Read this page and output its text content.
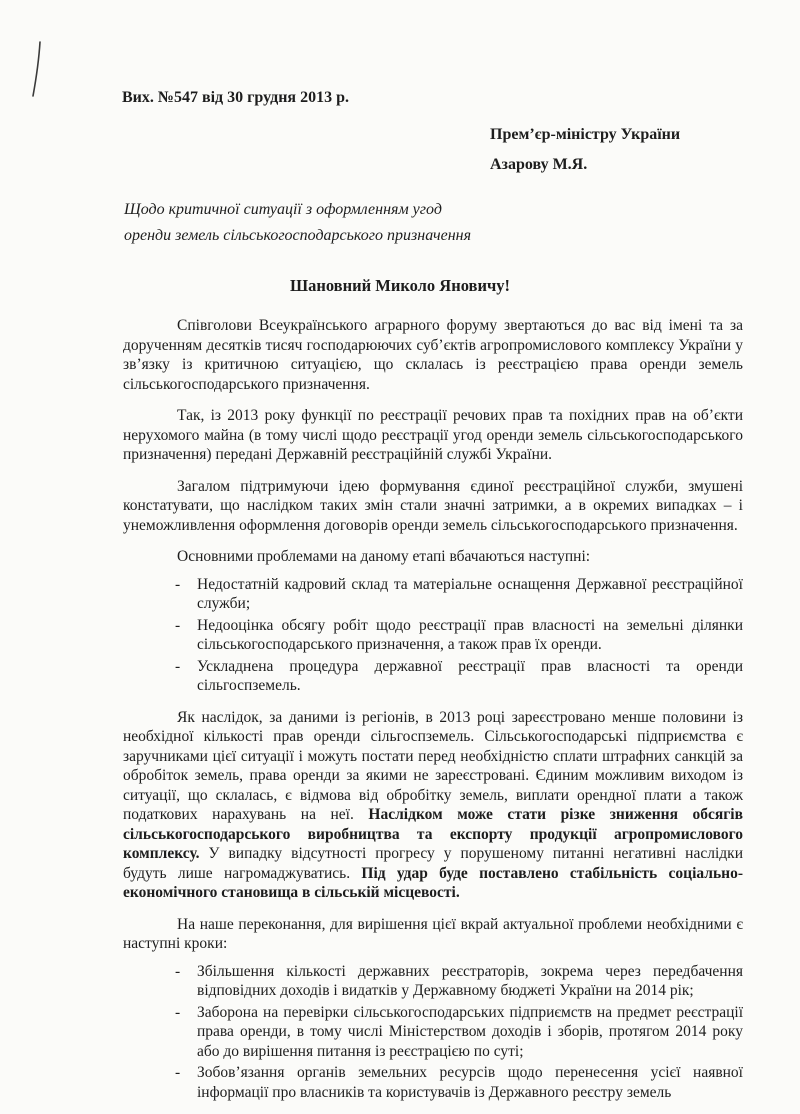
Вих. №547 від 30 грудня 2013 р.
Прем’єр-міністру України
Азарову М.Я.
Щодо критичної ситуації з оформленням угод
оренди земель сільськогосподарського призначення
Шановний Миколо Яновичу!

Співголови Всеукраїнського аграрного форуму звертаються до вас від імені та за дорученням десятків тисяч господарюючих суб’єктів агропромислового комплексу України у зв’язку із критичною ситуацією, що склалась із реєстрацією права оренди земель сільськогосподарського призначення.

Так, із 2013 року функції по реєстрації речових прав та похідних прав на об’єкти нерухомого майна (в тому числі щодо реєстрації угод оренди земель сільськогосподарського призначення) передані Державній реєстраційній службі України.

Загалом підтримуючи ідею формування єдиної реєстраційної служби, змушені констатувати, що наслідком таких змін стали значні затримки, а в окремих випадках – і унеможливлення оформлення договорів оренди земель сільськогосподарського призначення.

Основними проблемами на даному етапі вбачаються наступні:

- Недостатній кадровий склад та матеріальне оснащення Державної реєстраційної служби;
- Недооцінка обсягу робіт щодо реєстрації прав власності на земельні ділянки сільськогосподарського призначення, а також прав їх оренди.
- Ускладнена процедура державної реєстрації прав власності та оренди сільгоспземель.

Як наслідок, за даними із регіонів, в 2013 році зареєстровано менше половини із необхідної кількості прав оренди сільгоспземель. Сільськогосподарські підприємства є заручниками цієї ситуації і можуть постати перед необхідністю сплати штрафних санкцій за обробіток земель, права оренди за якими не зареєстровані. Єдиним можливим виходом із ситуації, що склалась, є відмова від обробітку земель, виплати орендної плати а також податкових нарахувань на неї. Наслідком може стати різке зниження обсягів сільськогосподарського виробництва та експорту продукції агропромислового комплексу. У випадку відсутності прогресу у порушеному питанні негативні наслідки будуть лише нагромаджуватись. Під удар буде поставлено стабільність соціально-економічного становища в сільській місцевості.

На наше переконання, для вирішення цієї вкрай актуальної проблеми необхідними є наступні кроки:

- Збільшення кількості державних реєстраторів, зокрема через передбачення відповідних доходів і видатків у Державному бюджеті України на 2014 рік;
- Заборона на перевірки сільськогосподарських підприємств на предмет реєстрації права оренди, в тому числі Міністерством доходів і зборів, протягом 2014 року або до вирішення питання із реєстрацією по суті;
- Зобов’язання органів земельних ресурсів щодо перенесення усієї наявної інформації про власників та користувачів із Державного реєстру земель
